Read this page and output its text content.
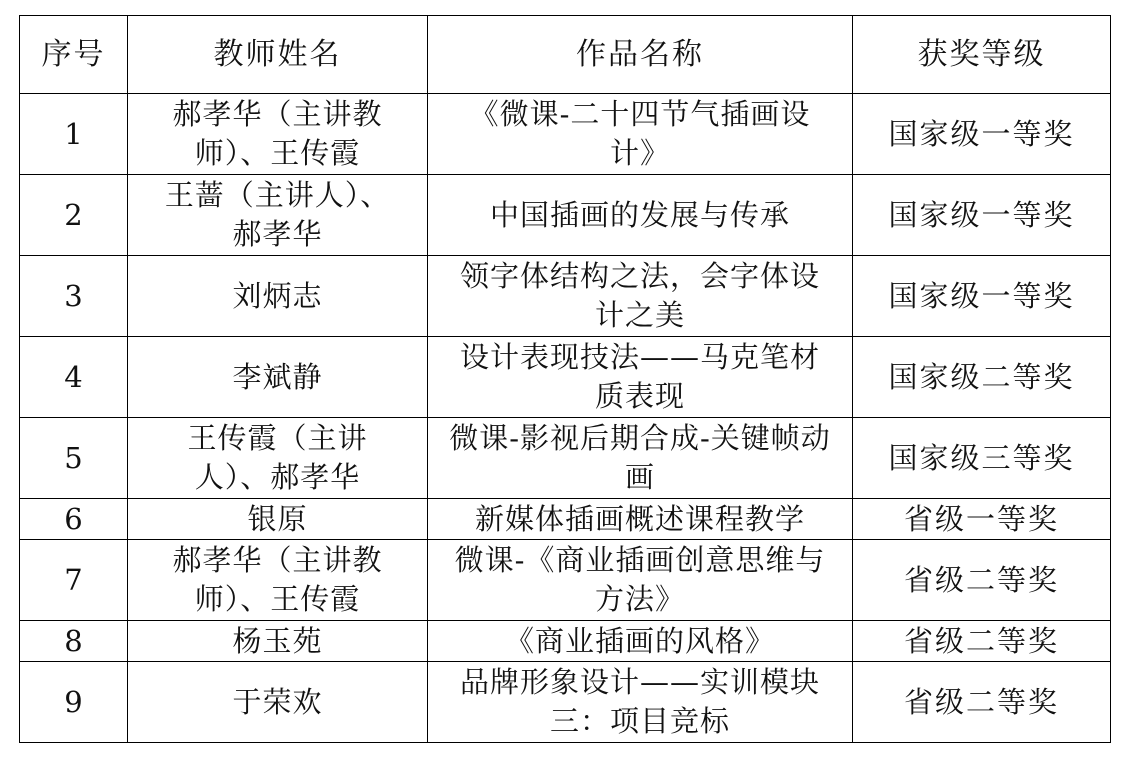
序号	教师姓名	作品名称	获奖等级
1	郝孝华（主讲教师）、王传霞	《微课-二十四节气插画设计》	国家级一等奖
2	王蔷（主讲人）、郝孝华	中国插画的发展与传承	国家级一等奖
3	刘炳志	领字体结构之法，会字体设计之美	国家级一等奖
4	李斌静	设计表现技法——马克笔材质表现	国家级二等奖
5	王传霞（主讲人）、郝孝华	微课-影视后期合成-关键帧动画	国家级三等奖
6	银原	新媒体插画概述课程教学	省级一等奖
7	郝孝华（主讲教师）、王传霞	微课-《商业插画创意思维与方法》	省级二等奖
8	杨玉苑	《商业插画的风格》	省级二等奖
9	于荣欢	品牌形象设计——实训模块三：项目竞标	省级二等奖
